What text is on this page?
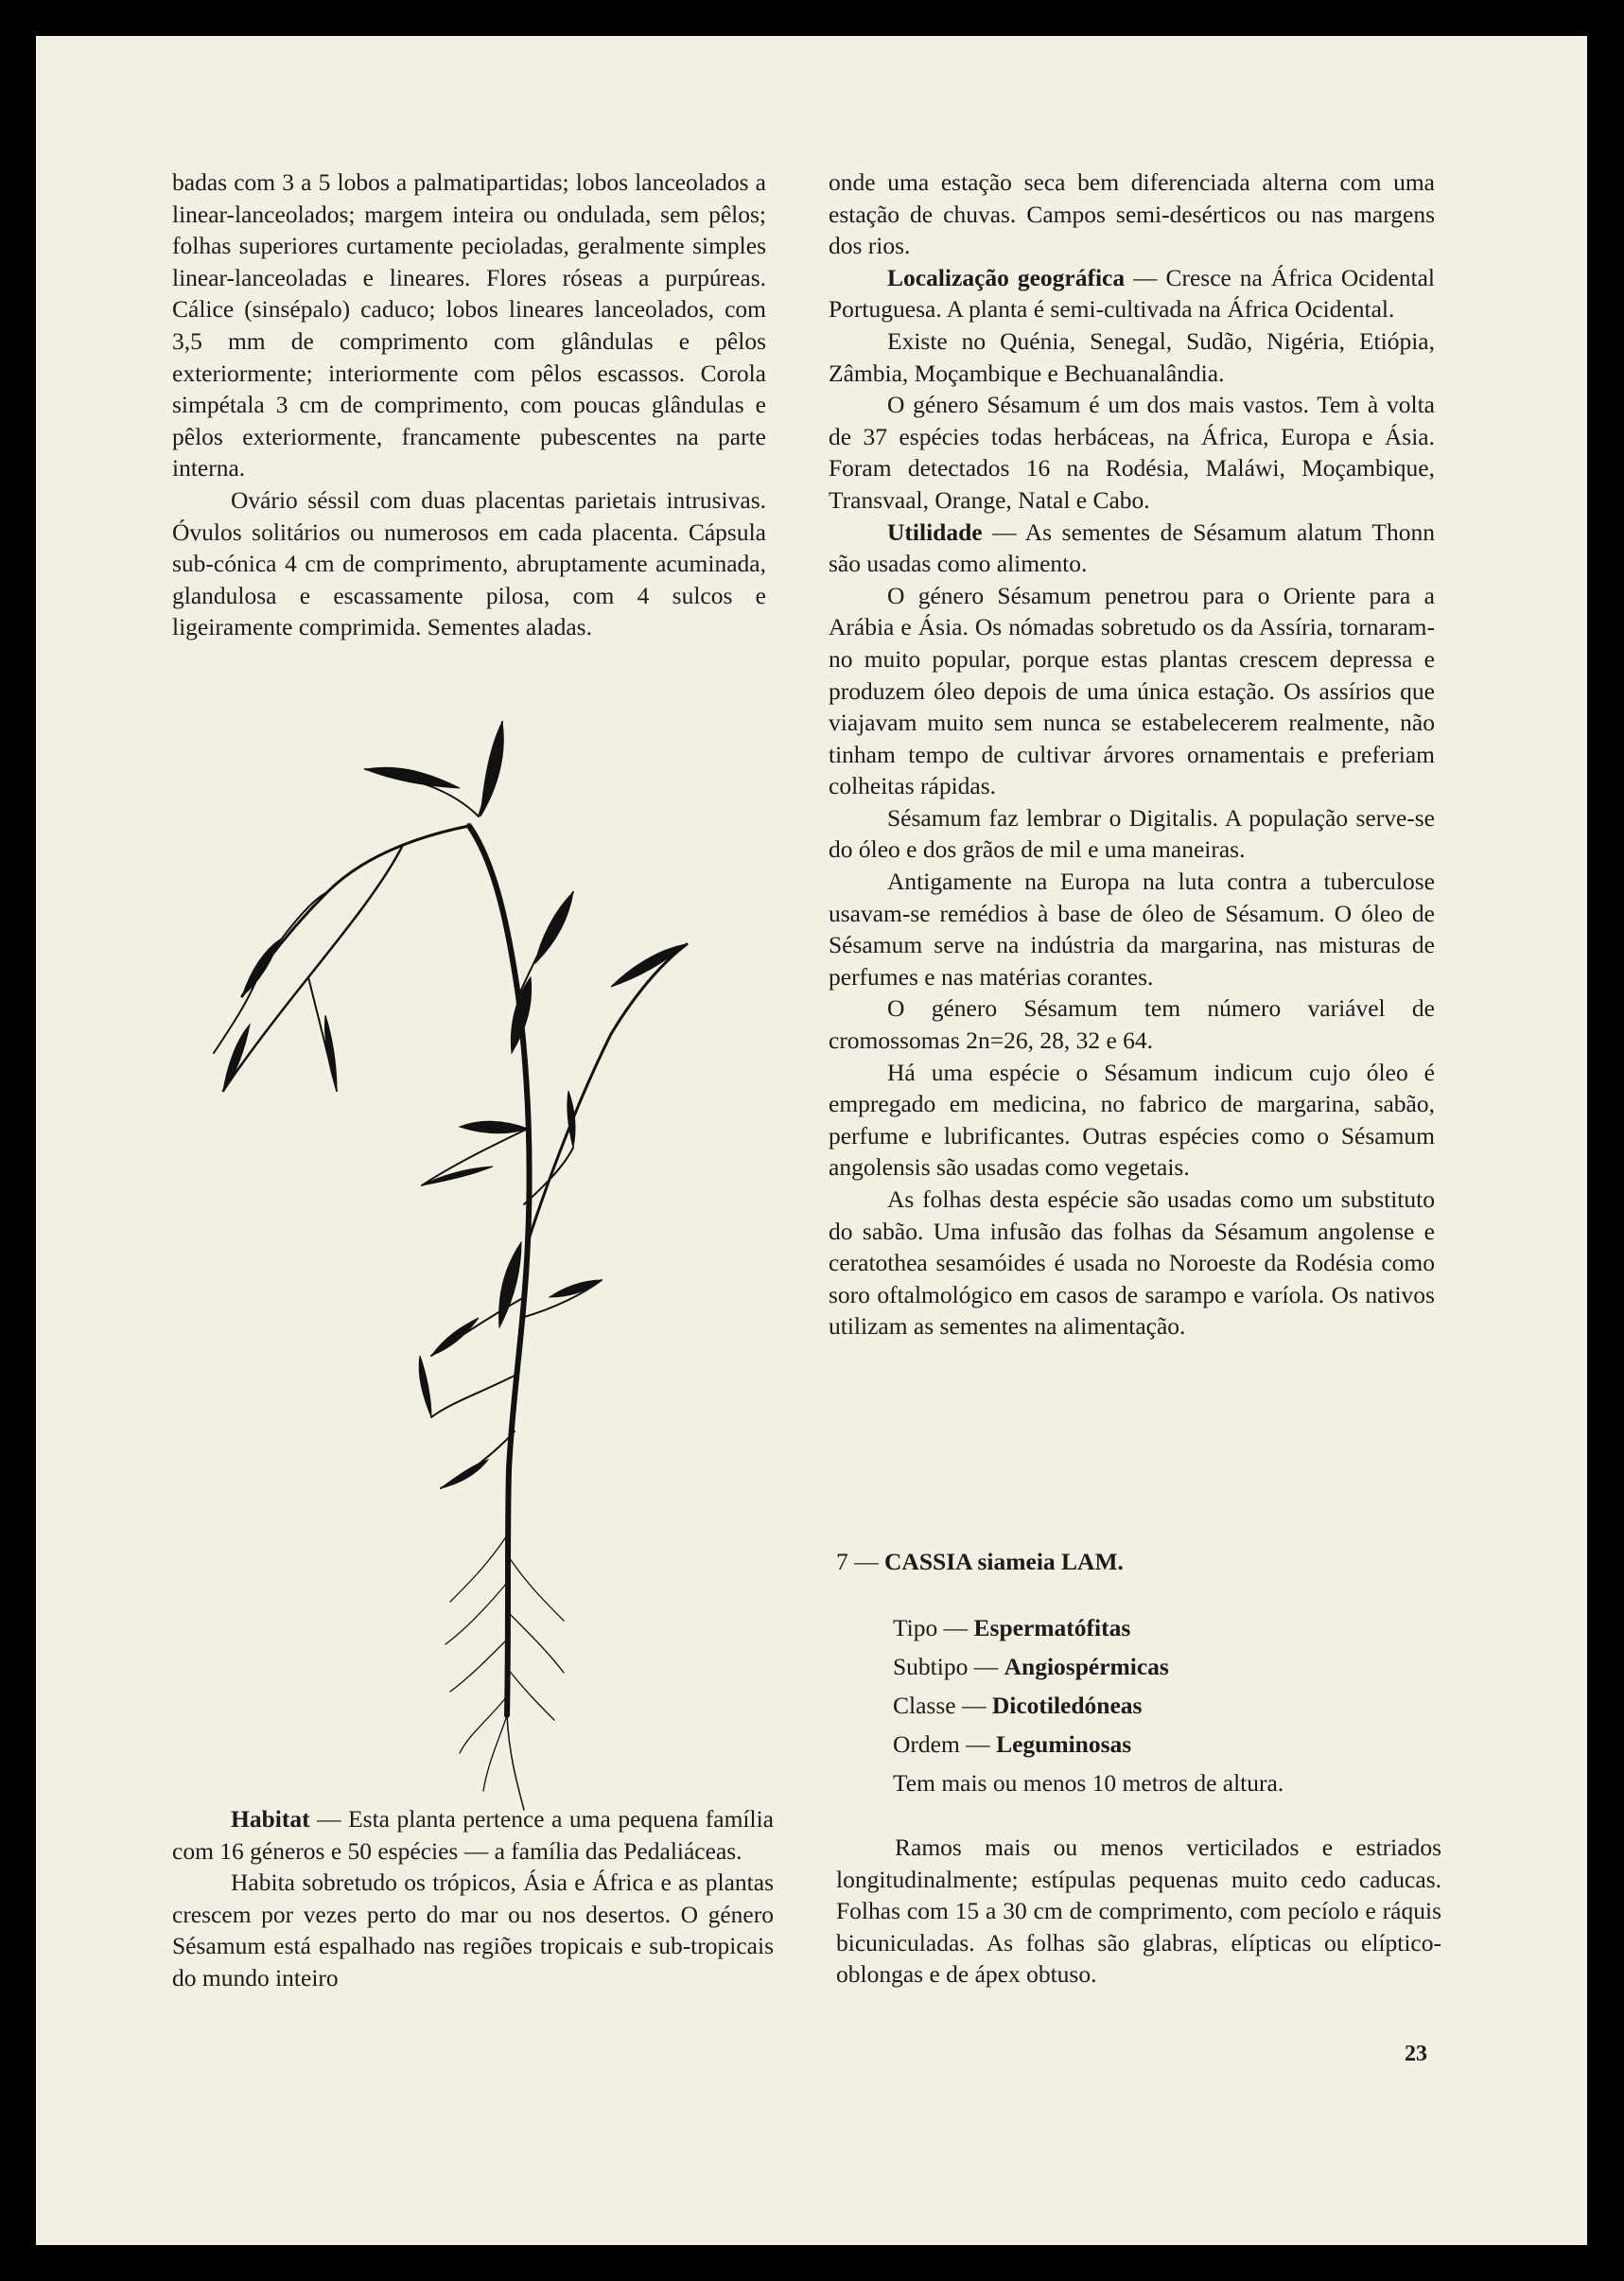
badas com 3 a 5 lobos a palmatipartidas; lobos lanceolados a linear-lanceolados; margem inteira ou ondulada, sem pêlos; folhas superiores curtamente pecioladas, geralmente simples linear-lanceoladas e lineares. Flores róseas a purpúreas. Cálice (sinsépalo) caduco; lobos lineares lanceolados, com 3,5 mm de comprimento com glândulas e pêlos exteriormente; interiormente com pêlos escassos. Corola simpétala 3 cm de comprimento, com poucas glândulas e pêlos exteriormente, francamente pubescentes na parte interna.

Ovário séssil com duas placentas parietais intrusivas. Óvulos solitários ou numerosos em cada placenta. Cápsula sub-cónica 4 cm de comprimento, abruptamente acuminada, glandulosa e escassamente pilosa, com 4 sulcos e ligeiramente comprimida. Sementes aladas.

Habitat — Esta planta pertence a uma pequena família com 16 géneros e 50 espécies — a família das Pedaliáceas.

Habita sobretudo os trópicos, Ásia e África e as plantas crescem por vezes perto do mar ou nos desertos. O género Sésamum está espalhado nas regiões tropicais e sub-tropicais do mundo inteiro

onde uma estação seca bem diferenciada alterna com uma estação de chuvas. Campos semi-desérticos ou nas margens dos rios.

Localização geográfica — Cresce na África Ocidental Portuguesa. A planta é semi-cultivada na África Ocidental.

Existe no Quénia, Senegal, Sudão, Nigéria, Etiópia, Zâmbia, Moçambique e Bechuanalândia.

O género Sésamum é um dos mais vastos. Tem à volta de 37 espécies todas herbáceas, na África, Europa e Ásia. Foram detectados 16 na Rodésia, Maláwi, Moçambique, Transvaal, Orange, Natal e Cabo.

Utilidade — As sementes de Sésamum alatum Thonn são usadas como alimento.

O género Sésamum penetrou para o Oriente para a Arábia e Ásia. Os nómadas sobretudo os da Assíria, tornaram-no muito popular, porque estas plantas crescem depressa e produzem óleo depois de uma única estação. Os assírios que viajavam muito sem nunca se estabelecerem realmente, não tinham tempo de cultivar árvores ornamentais e preferiam colheitas rápidas.

Sésamum faz lembrar o Digitalis. A população serve-se do óleo e dos grãos de mil e uma maneiras.

Antigamente na Europa na luta contra a tuberculose usavam-se remédios à base de óleo de Sésamum. O óleo de Sésamum serve na indústria da margarina, nas misturas de perfumes e nas matérias corantes.

O género Sésamum tem número variável de cromossomas 2n=26, 28, 32 e 64.

Há uma espécie o Sésamum indicum cujo óleo é empregado em medicina, no fabrico de margarina, sabão, perfume e lubrificantes. Outras espécies como o Sésamum angolensis são usadas como vegetais.

As folhas desta espécie são usadas como um substituto do sabão. Uma infusão das folhas da Sésamum angolense e ceratothea sesamóides é usada no Noroeste da Rodésia como soro oftalmológico em casos de sarampo e varíola. Os nativos utilizam as sementes na alimentação.

7 — CASSIA siameia LAM.
Tipo — Espermatófitas
Subtipo — Angiospérmicas
Classe — Dicotiledóneas
Ordem — Leguminosas
Tem mais ou menos 10 metros de altura.

Ramos mais ou menos verticilados e estriados longitudinalmente; estípulas pequenas muito cedo caducas. Folhas com 15 a 30 cm de comprimento, com pecíolo e ráquis bicuniculadas. As folhas são glabras, elípticas ou elíptico-oblongas e de ápex obtuso.

23
